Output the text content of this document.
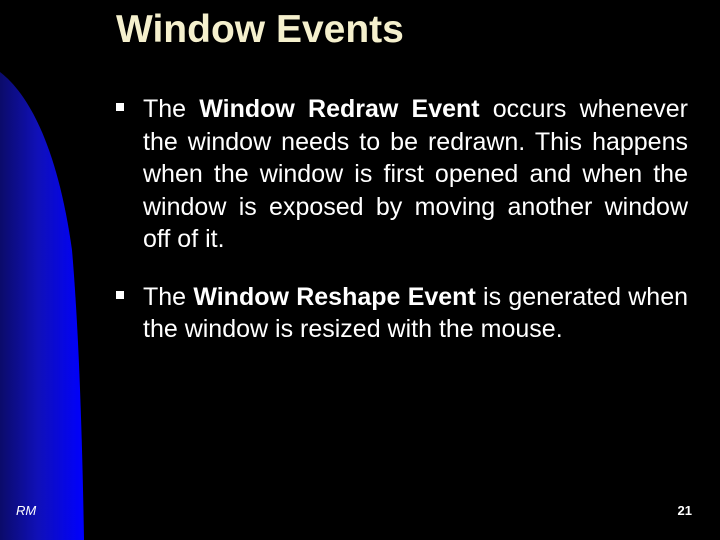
Window Events
The Window Redraw Event occurs whenever the window needs to be redrawn. This happens when the window is first opened and when the window is exposed by moving another window off of it.
The Window Reshape Event is generated when the window is resized with the mouse.
RM	21
